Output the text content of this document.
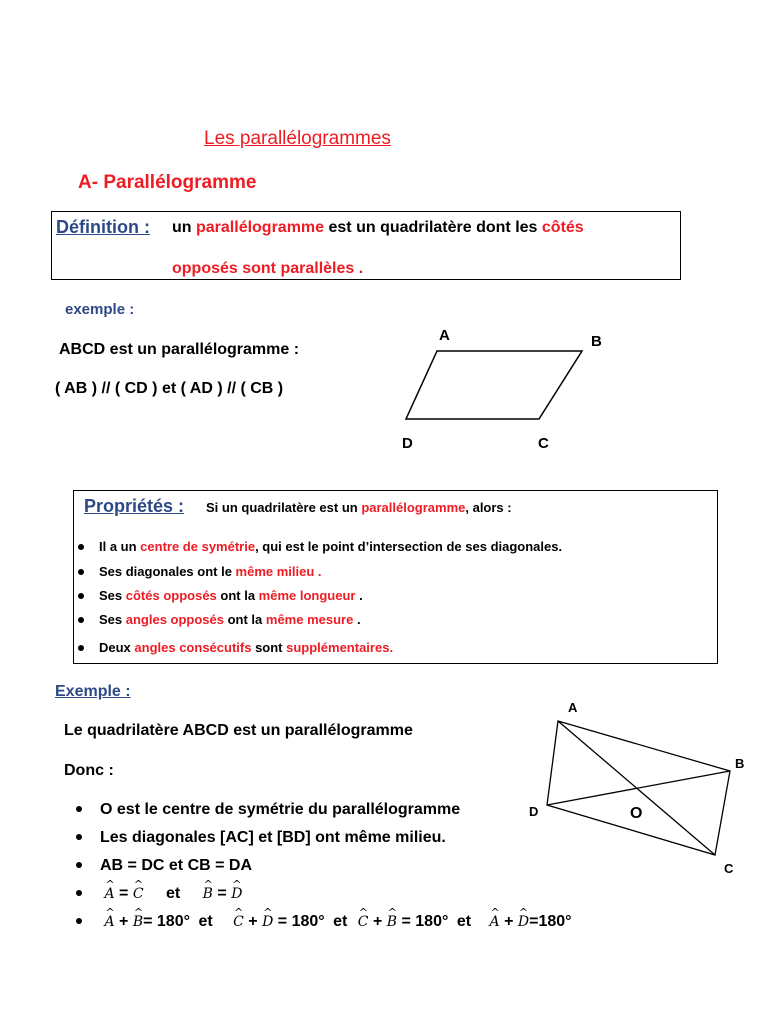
Les parallélogrammes
A- Parallélogramme
Définition : un parallélogramme est un quadrilatère dont les côtés
opposés sont parallèles .
exemple :
ABCD est un parallélogramme :
( AB ) // ( CD ) et ( AD ) // ( CB )
A	B
C
D
Propriétés : Si un quadrilatère est un parallélogramme, alors :
Il a un centre de symétrie, qui est le point d’intersection de ses diagonales.
Ses diagonales ont le même milieu .
Ses côtés opposés ont la même longueur .
Ses angles opposés ont la même mesure .
Deux angles consécutifs sont supplémentaires.
Exemple :
Le quadrilatère ABCD est un parallélogramme
Donc :
O est le centre de symétrie du parallélogramme
Les diagonales [AC] et [BD] ont même milieu.
AB = DC et CB = DA
^ A = ^ C et ^ B = ^ D
^ A + ^ B= 180° et ^ C + ^ D = 180° et ^ C + ^ B = 180° et ^ A + ^ D=180°
A
B
C
D	O
